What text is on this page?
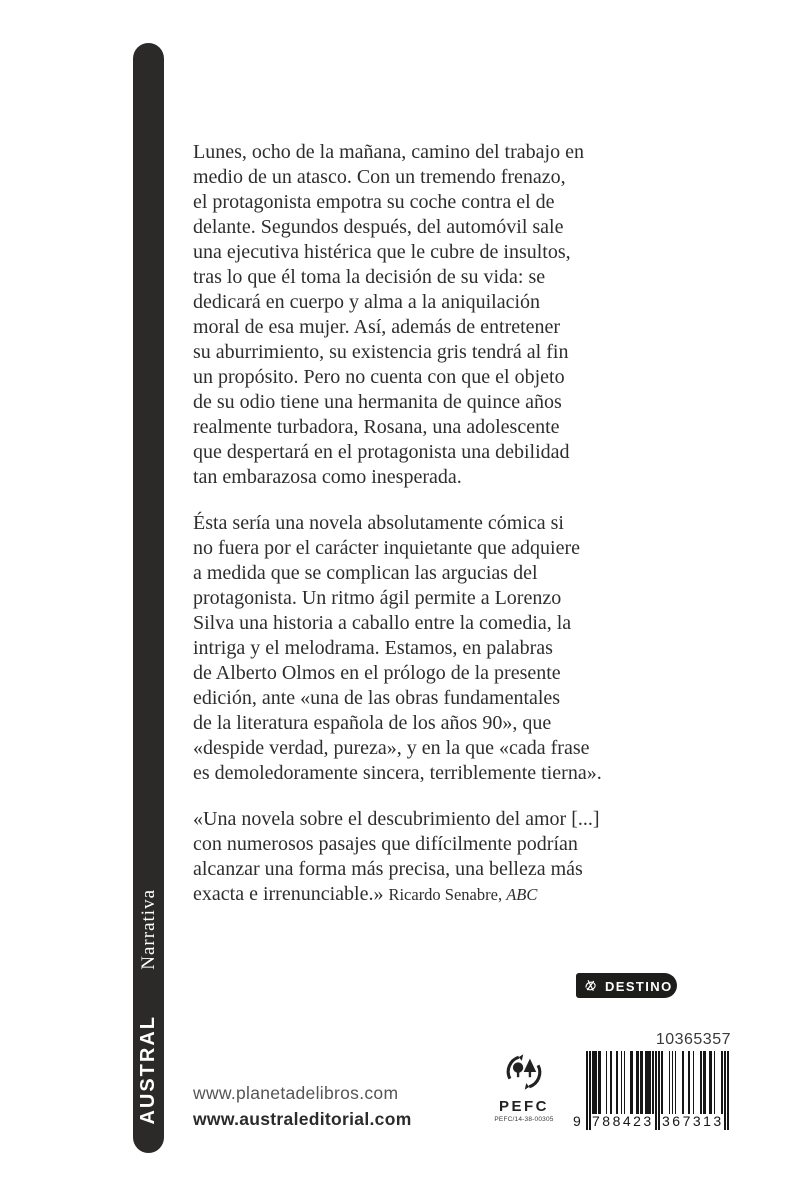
Narrativa
AUSTRAL
Lunes, ocho de la mañana, camino del trabajo en
medio de un atasco. Con un tremendo frenazo,
el protagonista empotra su coche contra el de
delante. Segundos después, del automóvil sale
una ejecutiva histérica que le cubre de insultos,
tras lo que él toma la decisión de su vida: se
dedicará en cuerpo y alma a la aniquilación
moral de esa mujer. Así, además de entretener
su aburrimiento, su existencia gris tendrá al fin
un propósito. Pero no cuenta con que el objeto
de su odio tiene una hermanita de quince años
realmente turbadora, Rosana, una adolescente
que despertará en el protagonista una debilidad
tan embarazosa como inesperada.
Ésta sería una novela absolutamente cómica si
no fuera por el carácter inquietante que adquiere
a medida que se complican las argucias del
protagonista. Un ritmo ágil permite a Lorenzo
Silva una historia a caballo entre la comedia, la
intriga y el melodrama. Estamos, en palabras
de Alberto Olmos en el prólogo de la presente
edición, ante «una de las obras fundamentales
de la literatura española de los años 90», que
«despide verdad, pureza», y en la que «cada frase
es demoledoramente sincera, terriblemente tierna».
«Una novela sobre el descubrimiento del amor [...]
con numerosos pasajes que difícilmente podrían
alcanzar una forma más precisa, una belleza más
exacta e irrenunciable.» Ricardo Senabre, ABC
DESTINO
PEFC
PEFC/14-38-00305
10365357
9 788423 367313
www.planetadelibros.com
www.australeditorial.com
